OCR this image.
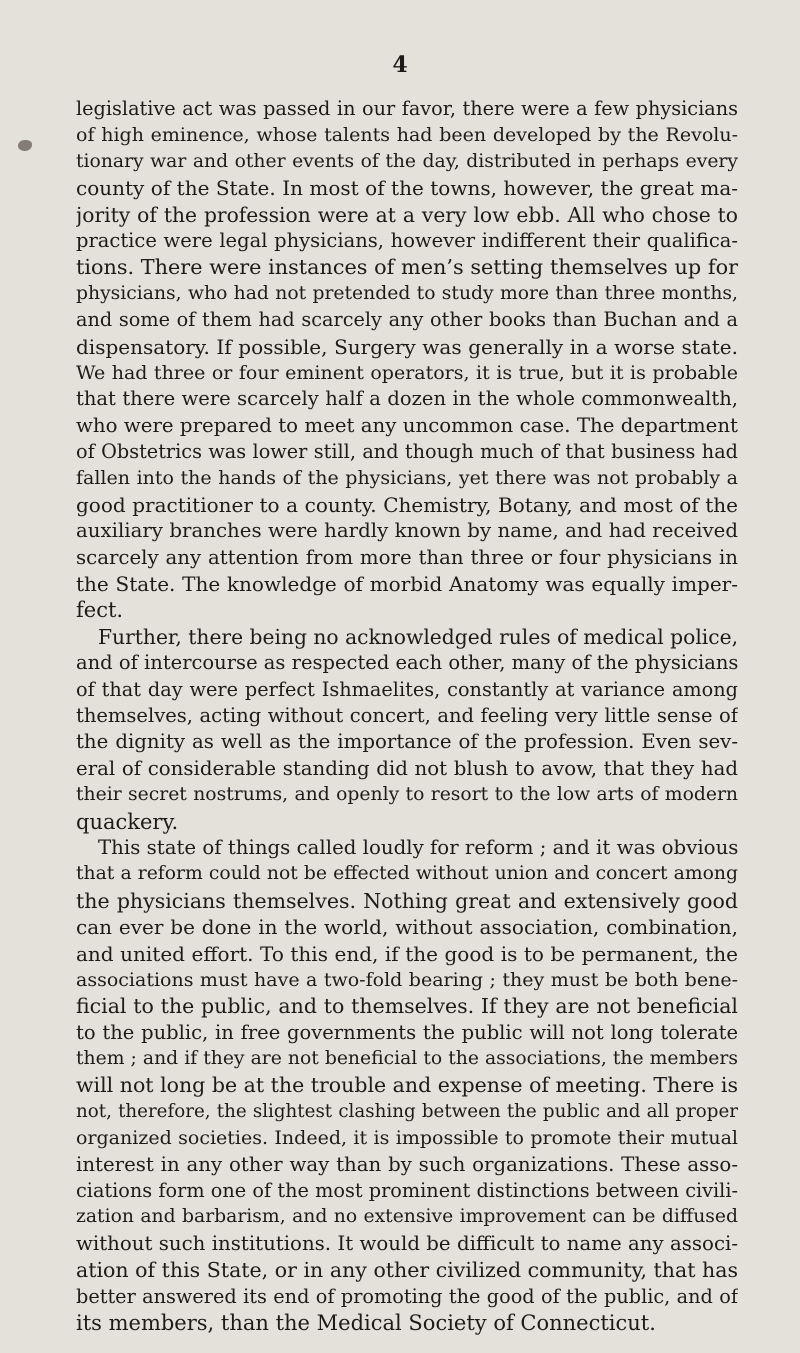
4
legislative act was passed in our favor, there were a few physicians
of high eminence, whose talents had been developed by the Revolu-
tionary war and other events of the day, distributed in perhaps every
county of the State. In most of the towns, however, the great ma-
jority of the profession were at a very low ebb. All who chose to
practice were legal physicians, however indifferent their qualifica-
tions. There were instances of men’s setting themselves up for
physicians, who had not pretended to study more than three months,
and some of them had scarcely any other books than Buchan and a
dispensatory. If possible, Surgery was generally in a worse state.
We had three or four eminent operators, it is true, but it is probable
that there were scarcely half a dozen in the whole commonwealth,
who were prepared to meet any uncommon case. The department
of Obstetrics was lower still, and though much of that business had
fallen into the hands of the physicians, yet there was not probably a
good practitioner to a county. Chemistry, Botany, and most of the
auxiliary branches were hardly known by name, and had received
scarcely any attention from more than three or four physicians in
the State. The knowledge of morbid Anatomy was equally imper-
fect.
Further, there being no acknowledged rules of medical police,
and of intercourse as respected each other, many of the physicians
of that day were perfect Ishmaelites, constantly at variance among
themselves, acting without concert, and feeling very little sense of
the dignity as well as the importance of the profession. Even sev-
eral of considerable standing did not blush to avow, that they had
their secret nostrums, and openly to resort to the low arts of modern
quackery.
This state of things called loudly for reform ; and it was obvious
that a reform could not be effected without union and concert among
the physicians themselves. Nothing great and extensively good
can ever be done in the world, without association, combination,
and united effort. To this end, if the good is to be permanent, the
associations must have a two-fold bearing ; they must be both bene-
ficial to the public, and to themselves. If they are not beneficial
to the public, in free governments the public will not long tolerate
them ; and if they are not beneficial to the associations, the members
will not long be at the trouble and expense of meeting. There is
not, therefore, the slightest clashing between the public and all proper
organized societies. Indeed, it is impossible to promote their mutual
interest in any other way than by such organizations. These asso-
ciations form one of the most prominent distinctions between civili-
zation and barbarism, and no extensive improvement can be diffused
without such institutions. It would be difficult to name any associ-
ation of this State, or in any other civilized community, that has
better answered its end of promoting the good of the public, and of
its members, than the Medical Society of Connecticut.
